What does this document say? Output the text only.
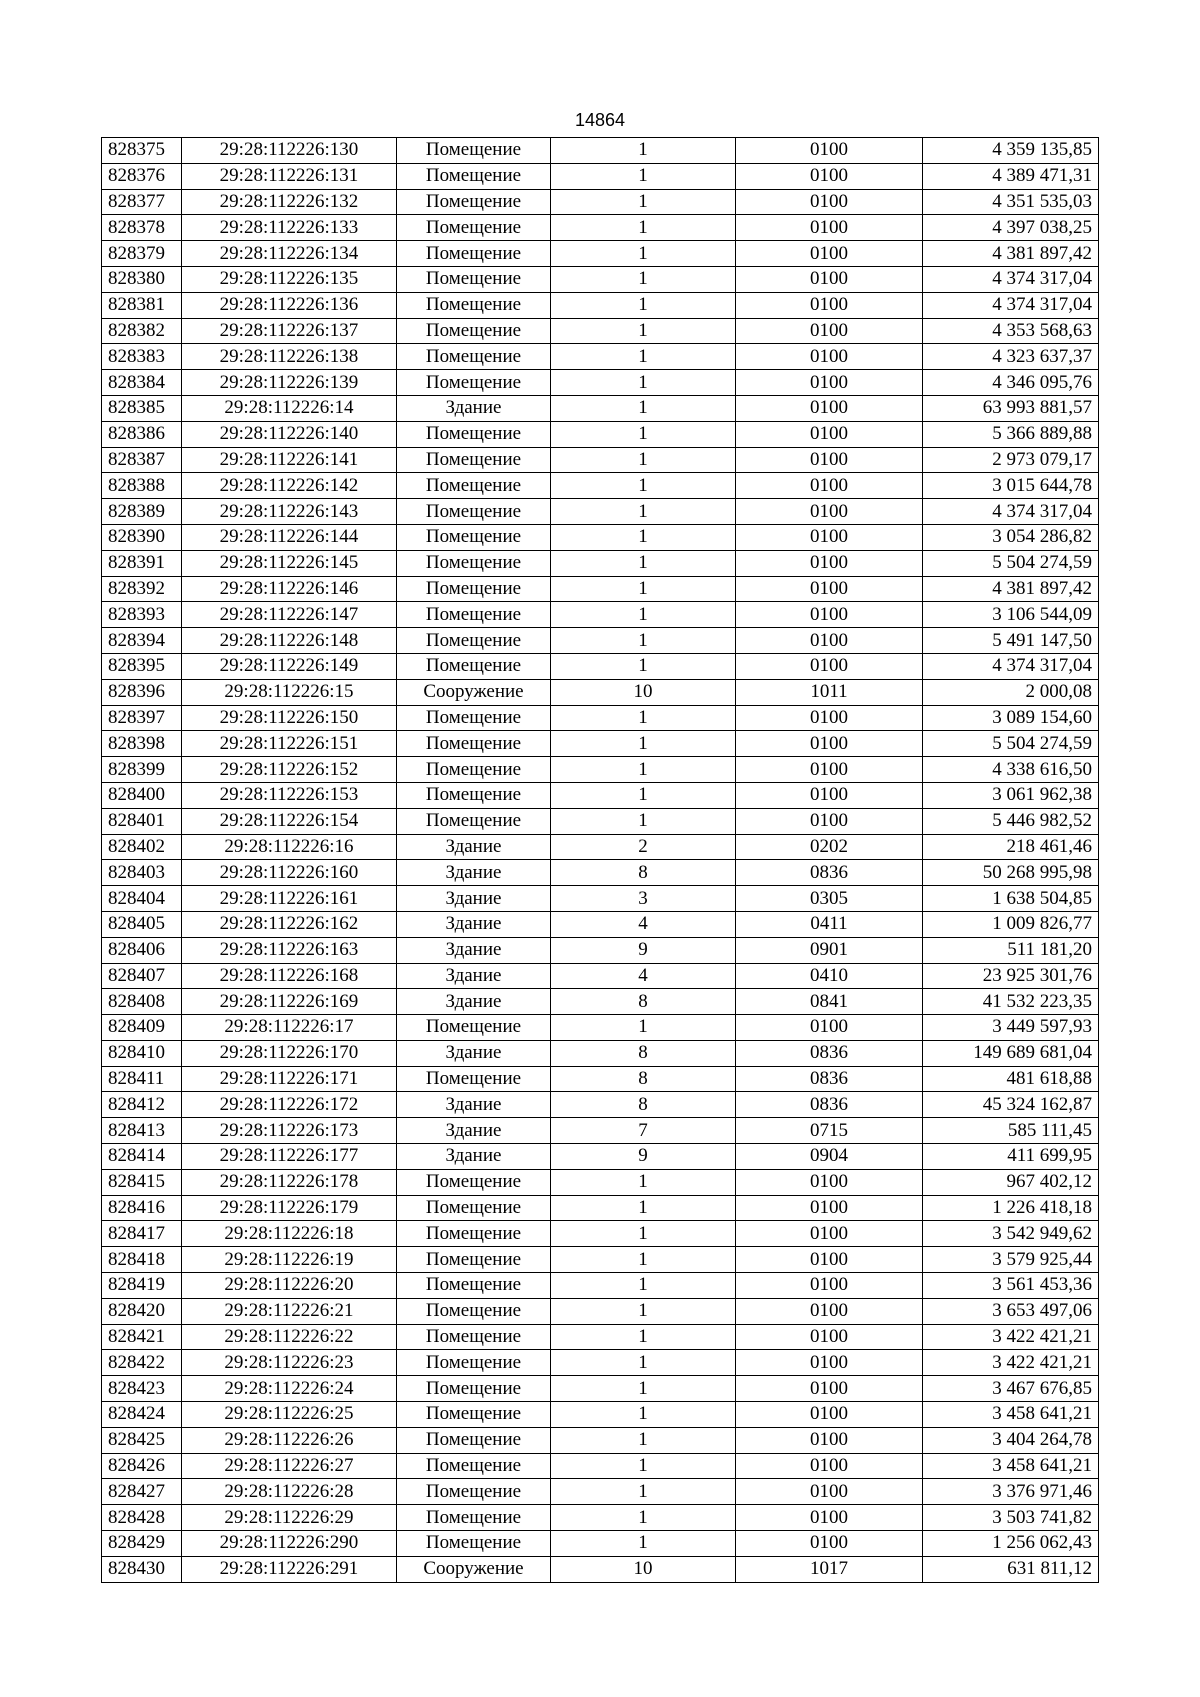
14864
828375	29:28:112226:130	Помещение	1	0100	4 359 135,85
828376	29:28:112226:131	Помещение	1	0100	4 389 471,31
828377	29:28:112226:132	Помещение	1	0100	4 351 535,03
828378	29:28:112226:133	Помещение	1	0100	4 397 038,25
828379	29:28:112226:134	Помещение	1	0100	4 381 897,42
828380	29:28:112226:135	Помещение	1	0100	4 374 317,04
828381	29:28:112226:136	Помещение	1	0100	4 374 317,04
828382	29:28:112226:137	Помещение	1	0100	4 353 568,63
828383	29:28:112226:138	Помещение	1	0100	4 323 637,37
828384	29:28:112226:139	Помещение	1	0100	4 346 095,76
828385	29:28:112226:14	Здание	1	0100	63 993 881,57
828386	29:28:112226:140	Помещение	1	0100	5 366 889,88
828387	29:28:112226:141	Помещение	1	0100	2 973 079,17
828388	29:28:112226:142	Помещение	1	0100	3 015 644,78
828389	29:28:112226:143	Помещение	1	0100	4 374 317,04
828390	29:28:112226:144	Помещение	1	0100	3 054 286,82
828391	29:28:112226:145	Помещение	1	0100	5 504 274,59
828392	29:28:112226:146	Помещение	1	0100	4 381 897,42
828393	29:28:112226:147	Помещение	1	0100	3 106 544,09
828394	29:28:112226:148	Помещение	1	0100	5 491 147,50
828395	29:28:112226:149	Помещение	1	0100	4 374 317,04
828396	29:28:112226:15	Сооружение	10	1011	2 000,08
828397	29:28:112226:150	Помещение	1	0100	3 089 154,60
828398	29:28:112226:151	Помещение	1	0100	5 504 274,59
828399	29:28:112226:152	Помещение	1	0100	4 338 616,50
828400	29:28:112226:153	Помещение	1	0100	3 061 962,38
828401	29:28:112226:154	Помещение	1	0100	5 446 982,52
828402	29:28:112226:16	Здание	2	0202	218 461,46
828403	29:28:112226:160	Здание	8	0836	50 268 995,98
828404	29:28:112226:161	Здание	3	0305	1 638 504,85
828405	29:28:112226:162	Здание	4	0411	1 009 826,77
828406	29:28:112226:163	Здание	9	0901	511 181,20
828407	29:28:112226:168	Здание	4	0410	23 925 301,76
828408	29:28:112226:169	Здание	8	0841	41 532 223,35
828409	29:28:112226:17	Помещение	1	0100	3 449 597,93
828410	29:28:112226:170	Здание	8	0836	149 689 681,04
828411	29:28:112226:171	Помещение	8	0836	481 618,88
828412	29:28:112226:172	Здание	8	0836	45 324 162,87
828413	29:28:112226:173	Здание	7	0715	585 111,45
828414	29:28:112226:177	Здание	9	0904	411 699,95
828415	29:28:112226:178	Помещение	1	0100	967 402,12
828416	29:28:112226:179	Помещение	1	0100	1 226 418,18
828417	29:28:112226:18	Помещение	1	0100	3 542 949,62
828418	29:28:112226:19	Помещение	1	0100	3 579 925,44
828419	29:28:112226:20	Помещение	1	0100	3 561 453,36
828420	29:28:112226:21	Помещение	1	0100	3 653 497,06
828421	29:28:112226:22	Помещение	1	0100	3 422 421,21
828422	29:28:112226:23	Помещение	1	0100	3 422 421,21
828423	29:28:112226:24	Помещение	1	0100	3 467 676,85
828424	29:28:112226:25	Помещение	1	0100	3 458 641,21
828425	29:28:112226:26	Помещение	1	0100	3 404 264,78
828426	29:28:112226:27	Помещение	1	0100	3 458 641,21
828427	29:28:112226:28	Помещение	1	0100	3 376 971,46
828428	29:28:112226:29	Помещение	1	0100	3 503 741,82
828429	29:28:112226:290	Помещение	1	0100	1 256 062,43
828430	29:28:112226:291	Сооружение	10	1017	631 811,12
